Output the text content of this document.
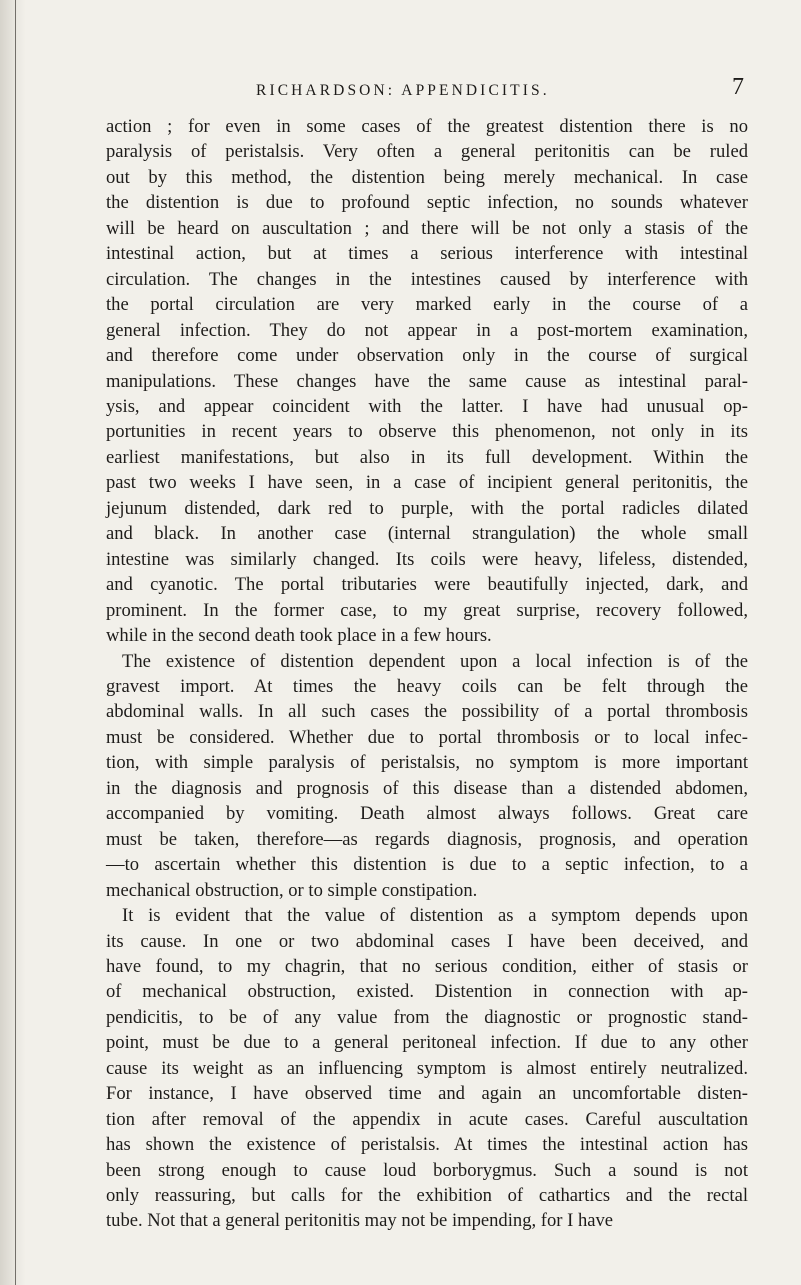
RICHARDSON: APPENDICITIS.	7
action ; for even in some cases of the greatest distention there is no
paralysis of peristalsis. Very often a general peritonitis can be ruled
out by this method, the distention being merely mechanical. In case
the distention is due to profound septic infection, no sounds whatever
will be heard on auscultation ; and there will be not only a stasis of the
intestinal action, but at times a serious interference with intestinal
circulation. The changes in the intestines caused by interference with
the portal circulation are very marked early in the course of a
general infection. They do not appear in a post-mortem examination,
and therefore come under observation only in the course of surgical
manipulations. These changes have the same cause as intestinal paral-
ysis, and appear coincident with the latter. I have had unusual op-
portunities in recent years to observe this phenomenon, not only in its
earliest manifestations, but also in its full development. Within the
past two weeks I have seen, in a case of incipient general peritonitis, the
jejunum distended, dark red to purple, with the portal radicles dilated
and black. In another case (internal strangulation) the whole small
intestine was similarly changed. Its coils were heavy, lifeless, distended,
and cyanotic. The portal tributaries were beautifully injected, dark, and
prominent. In the former case, to my great surprise, recovery followed,
while in the second death took place in a few hours.
The existence of distention dependent upon a local infection is of the
gravest import. At times the heavy coils can be felt through the
abdominal walls. In all such cases the possibility of a portal thrombosis
must be considered. Whether due to portal thrombosis or to local infec-
tion, with simple paralysis of peristalsis, no symptom is more important
in the diagnosis and prognosis of this disease than a distended abdomen,
accompanied by vomiting. Death almost always follows. Great care
must be taken, therefore—as regards diagnosis, prognosis, and operation
—to ascertain whether this distention is due to a septic infection, to a
mechanical obstruction, or to simple constipation.
It is evident that the value of distention as a symptom depends upon
its cause. In one or two abdominal cases I have been deceived, and
have found, to my chagrin, that no serious condition, either of stasis or
of mechanical obstruction, existed. Distention in connection with ap-
pendicitis, to be of any value from the diagnostic or prognostic stand-
point, must be due to a general peritoneal infection. If due to any other
cause its weight as an influencing symptom is almost entirely neutralized.
For instance, I have observed time and again an uncomfortable disten-
tion after removal of the appendix in acute cases. Careful auscultation
has shown the existence of peristalsis. At times the intestinal action has
been strong enough to cause loud borborygmus. Such a sound is not
only reassuring, but calls for the exhibition of cathartics and the rectal
tube. Not that a general peritonitis may not be impending, for I have
